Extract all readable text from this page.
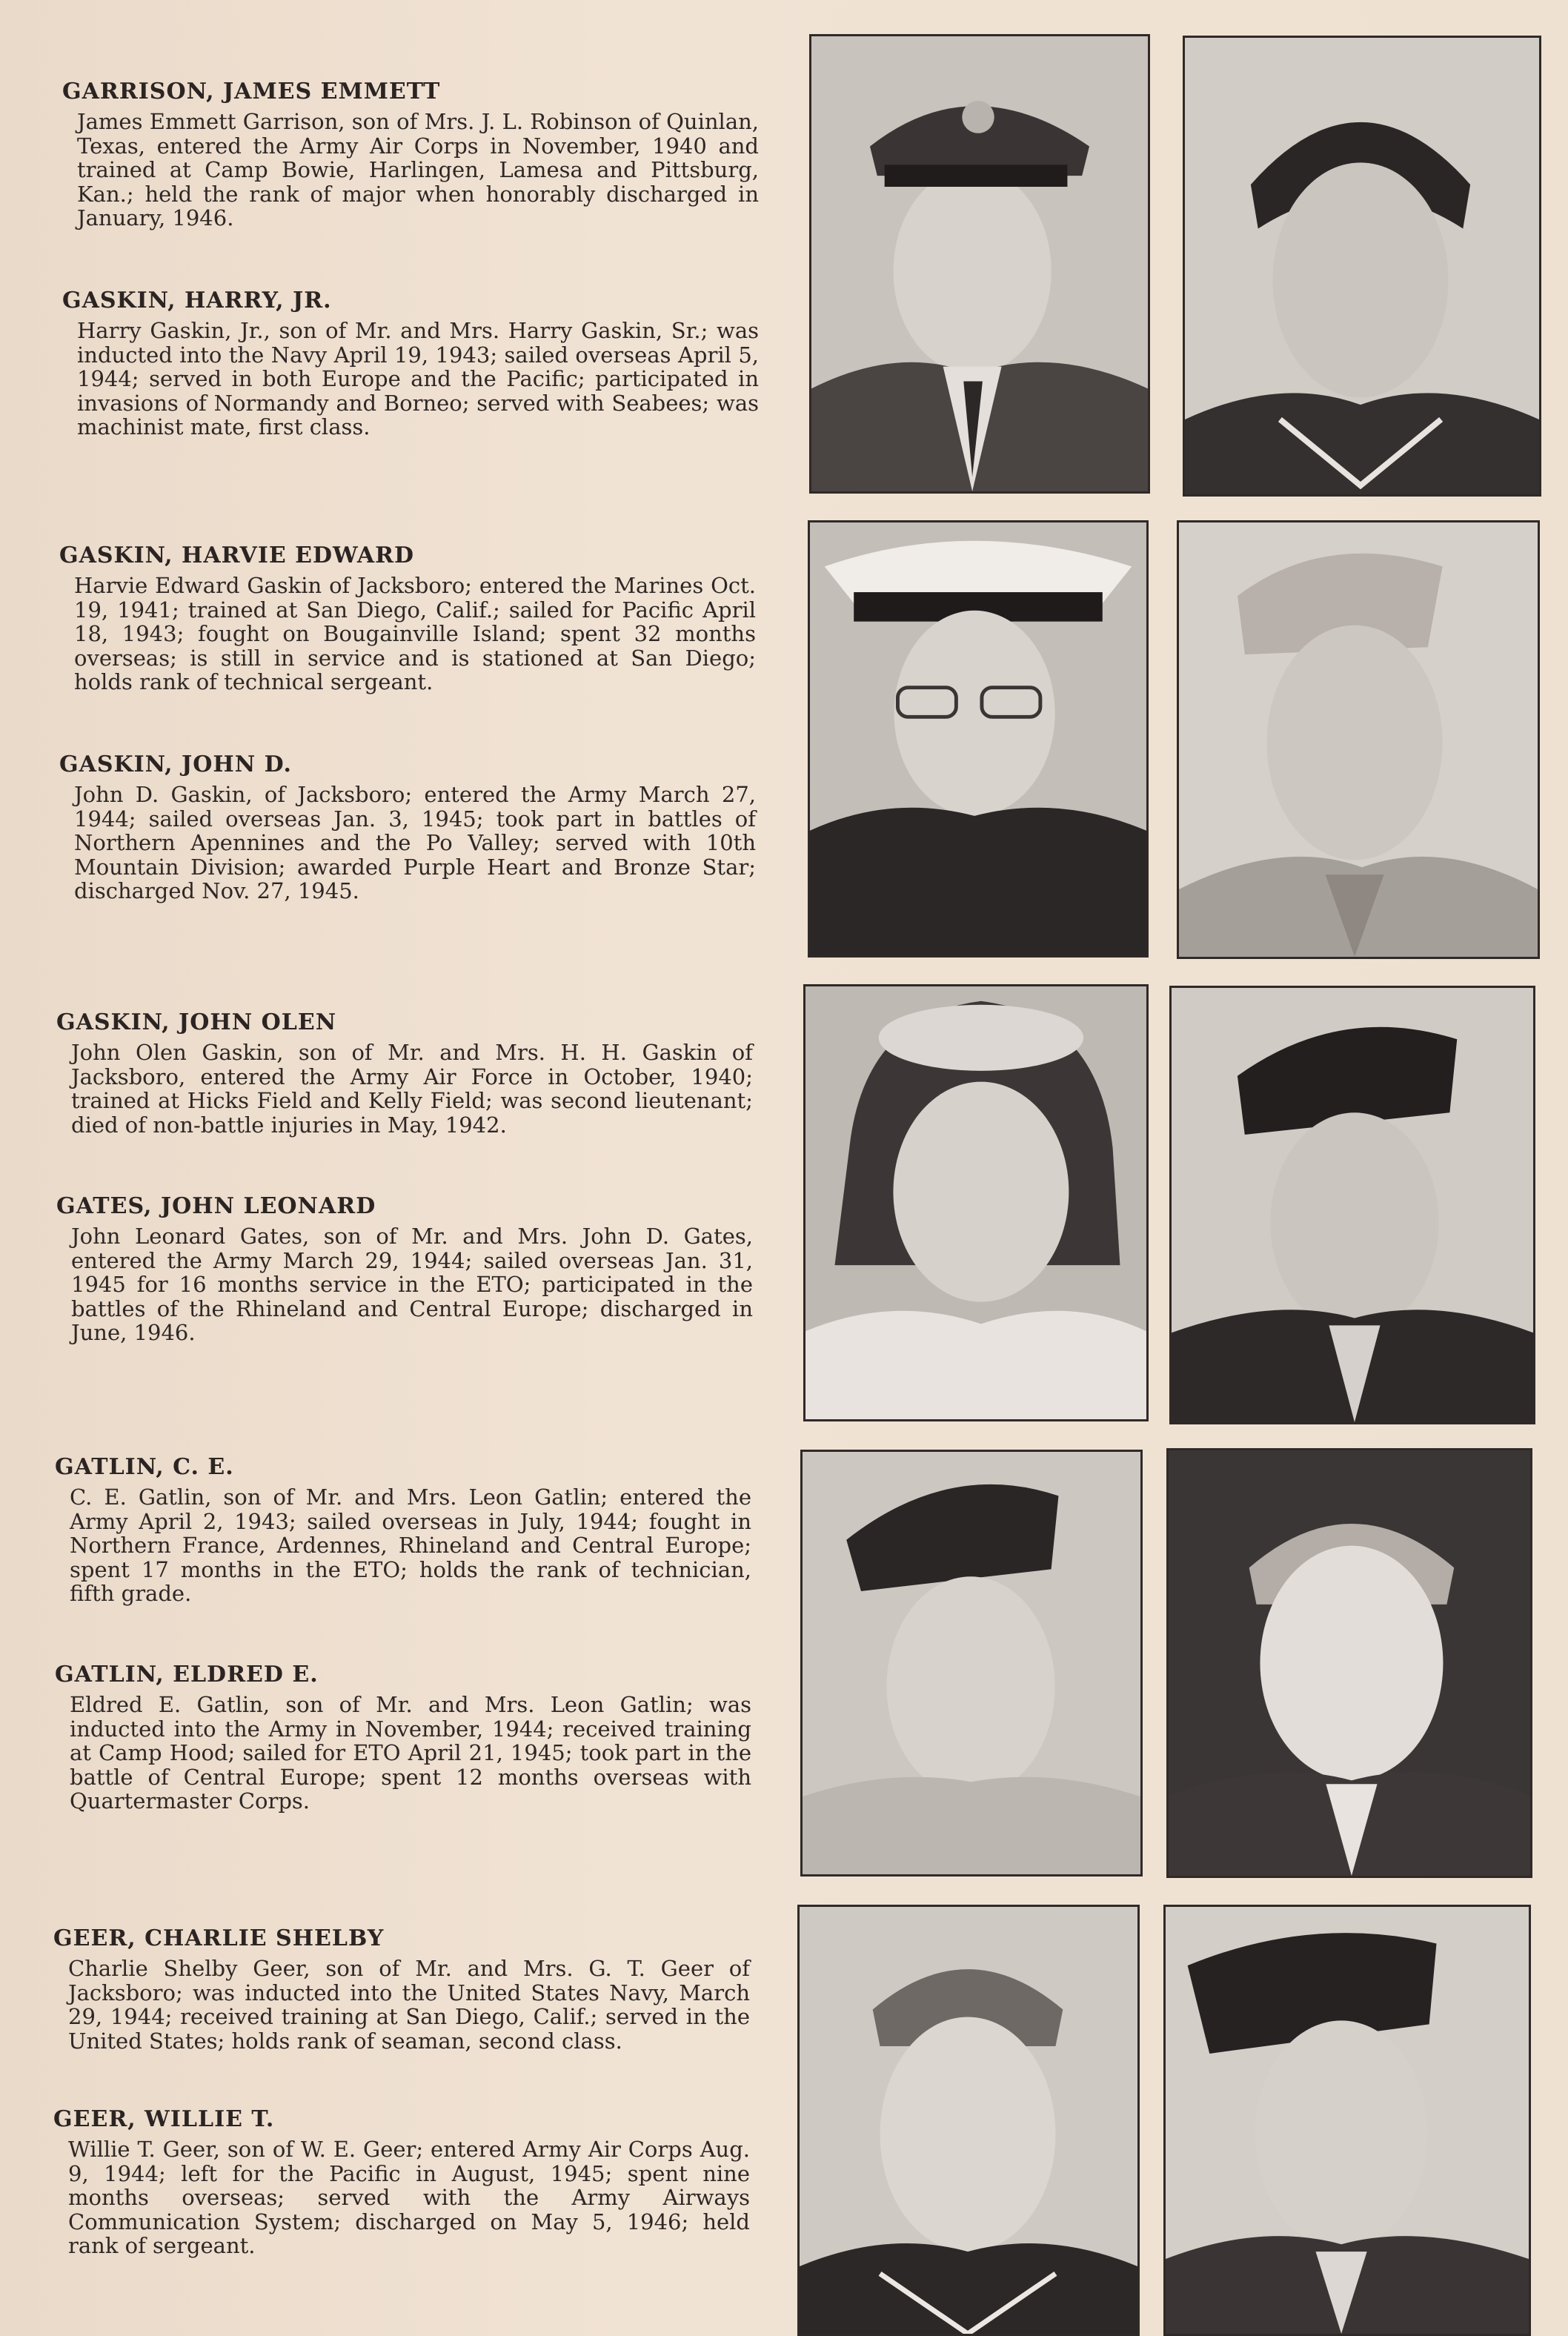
GARRISON, JAMES EMMETT

James Emmett Garrison, son of Mrs. J. L. Robinson of Quinlan, Texas, entered the Army Air Corps in November, 1940 and trained at Camp Bowie, Harlingen, Lamesa and Pittsburg, Kan.; held the rank of major when honorably discharged in January, 1946.

GASKIN, HARRY, JR.

Harry Gaskin, Jr., son of Mr. and Mrs. Harry Gaskin, Sr.; was inducted into the Navy April 19, 1943; sailed overseas April 5, 1944; served in both Europe and the Pacific; participated in invasions of Normandy and Borneo; served with Seabees; was machinist mate, first class.

GASKIN, HARVIE EDWARD

Harvie Edward Gaskin of Jacksboro; entered the Marines Oct. 19, 1941; trained at San Diego, Calif.; sailed for Pacific April 18, 1943; fought on Bougainville Island; spent 32 months overseas; is still in service and is stationed at San Diego; holds rank of technical sergeant.

GASKIN, JOHN D.

John D. Gaskin, of Jacksboro; entered the Army March 27, 1944; sailed overseas Jan. 3, 1945; took part in battles of Northern Apennines and the Po Valley; served with 10th Mountain Division; awarded Purple Heart and Bronze Star; discharged Nov. 27, 1945.

GASKIN, JOHN OLEN

John Olen Gaskin, son of Mr. and Mrs. H. H. Gaskin of Jacksboro, entered the Army Air Force in October, 1940; trained at Hicks Field and Kelly Field; was second lieutenant; died of non-battle injuries in May, 1942.

GATES, JOHN LEONARD

John Leonard Gates, son of Mr. and Mrs. John D. Gates, entered the Army March 29, 1944; sailed overseas Jan. 31, 1945 for 16 months service in the ETO; participated in the battles of the Rhineland and Central Europe; discharged in June, 1946.

GATLIN, C. E.

C. E. Gatlin, son of Mr. and Mrs. Leon Gatlin; entered the Army April 2, 1943; sailed overseas in July, 1944; fought in Northern France, Ardennes, Rhineland and Central Europe; spent 17 months in the ETO; holds the rank of technician, fifth grade.

GATLIN, ELDRED E.

Eldred E. Gatlin, son of Mr. and Mrs. Leon Gatlin; was inducted into the Army in November, 1944; received training at Camp Hood; sailed for ETO April 21, 1945; took part in the battle of Central Europe; spent 12 months overseas with Quartermaster Corps.

GEER, CHARLIE SHELBY

Charlie Shelby Geer, son of Mr. and Mrs. G. T. Geer of Jacksboro; was inducted into the United States Navy, March 29, 1944; received training at San Diego, Calif.; served in the United States; holds rank of seaman, second class.

GEER, WILLIE T.

Willie T. Geer, son of W. E. Geer; entered Army Air Corps Aug. 9, 1944; left for the Pacific in August, 1945; spent nine months overseas; served with the Army Airways Communication System; discharged on May 5, 1946; held rank of sergeant.
